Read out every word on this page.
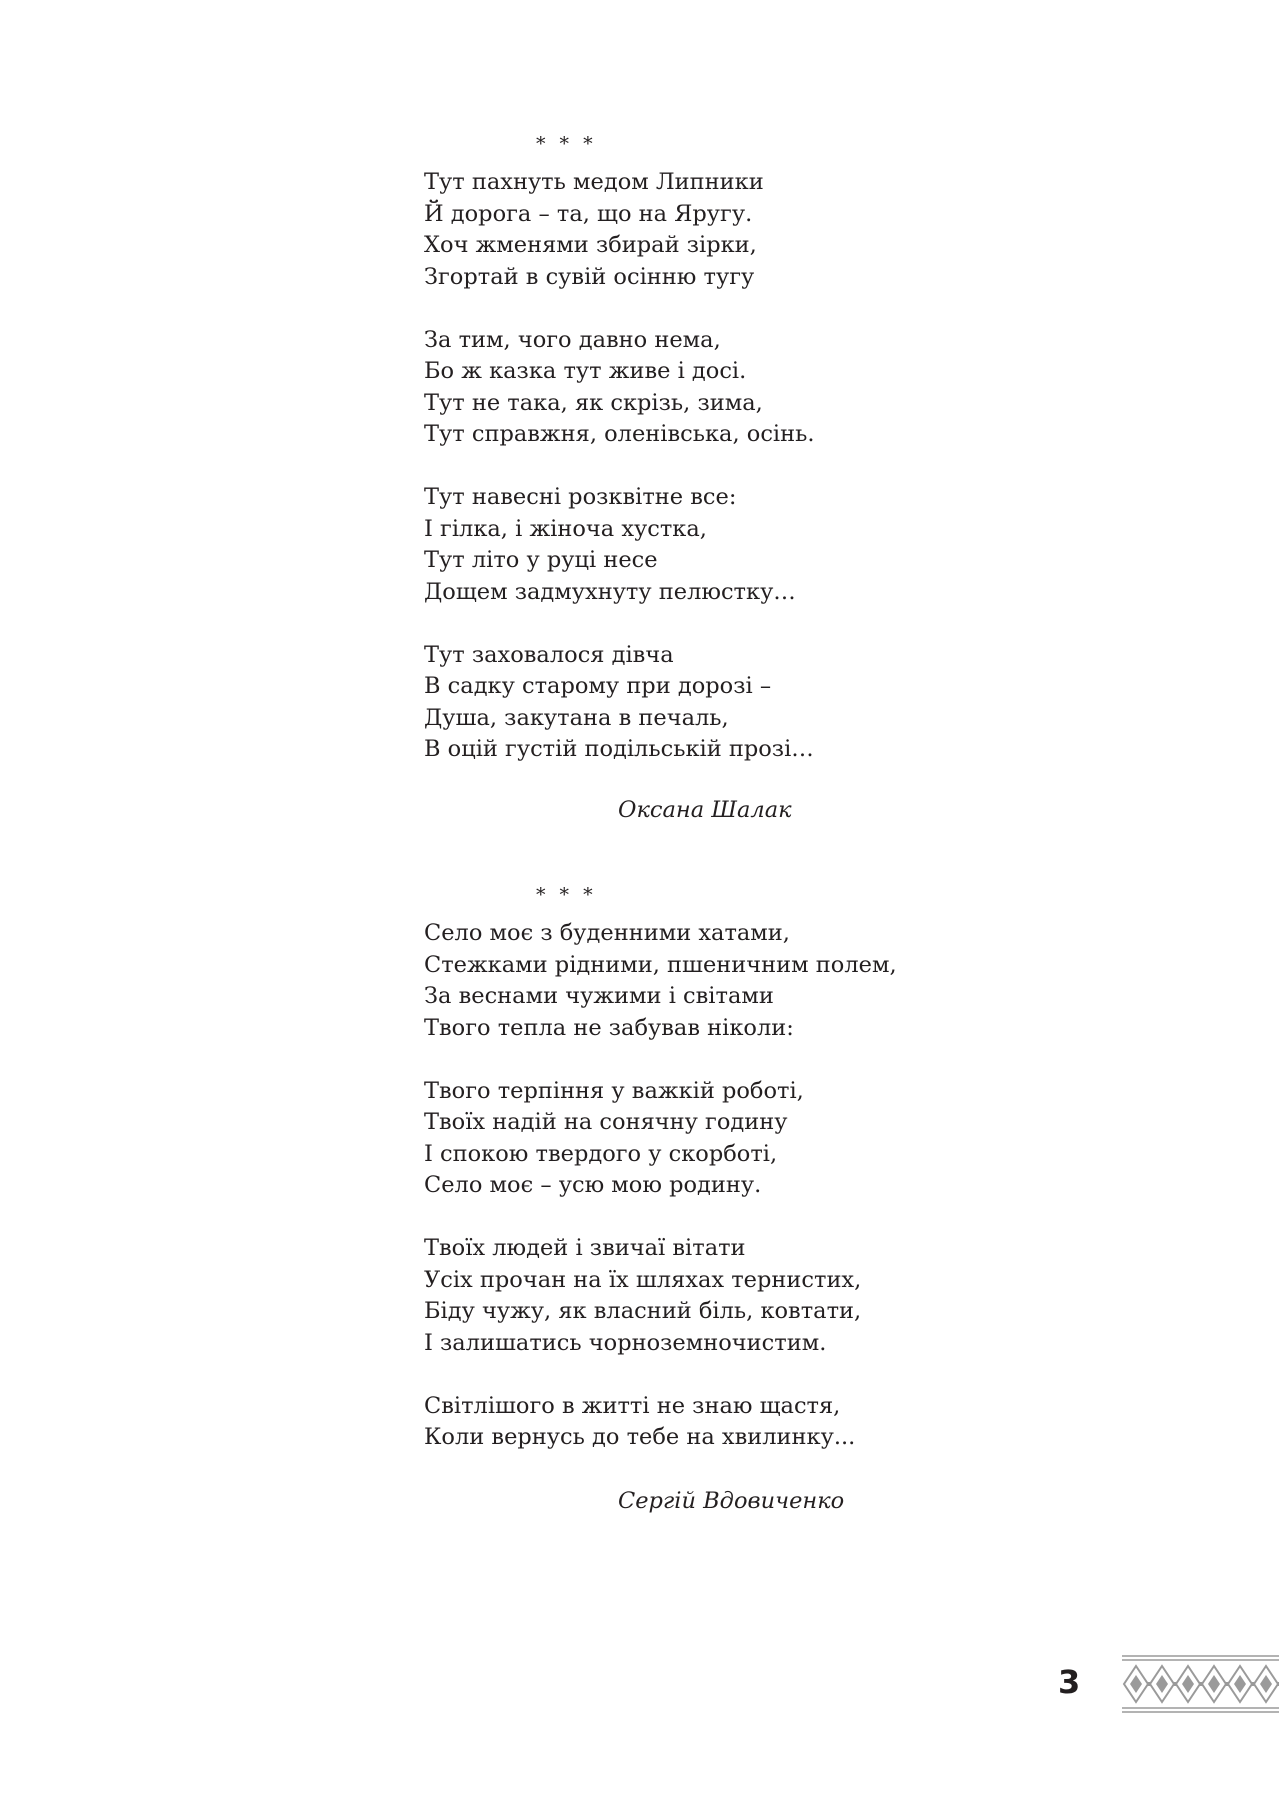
* * *
Тут пахнуть медом Липники
Й дорога – та, що на Яругу.
Хоч жменями збирай зірки,
Згортай в сувій осінню тугу
За тим, чого давно нема,
Бо ж казка тут живе і досі.
Тут не така, як скрізь, зима,
Тут справжня, оленівська, осінь.
Тут навесні розквітне все:
І гілка, і жіноча хустка,
Тут літо у руці несе
Дощем задмухнуту пелюстку…
Тут заховалося дівча
В садку старому при дорозі –
Душа, закутана в печаль,
В оцій густій подільській прозі…
Оксана Шалак
* * *
Село моє з буденними хатами,
Стежками рідними, пшеничним полем,
За веснами чужими і світами
Твого тепла не забував ніколи:
Твого терпіння у важкій роботі,
Твоїх надій на сонячну годину
І спокою твердого у скорботі,
Село моє – усю мою родину.
Твоїх людей і звичаї вітати
Усіх прочан на їх шляхах тернистих,
Біду чужу, як власний біль, ковтати,
І залишатись чорноземночистим.
Світлішого в житті не знаю щастя,
Коли вернусь до тебе на хвилинку...
Сергій Вдовиченко
3
